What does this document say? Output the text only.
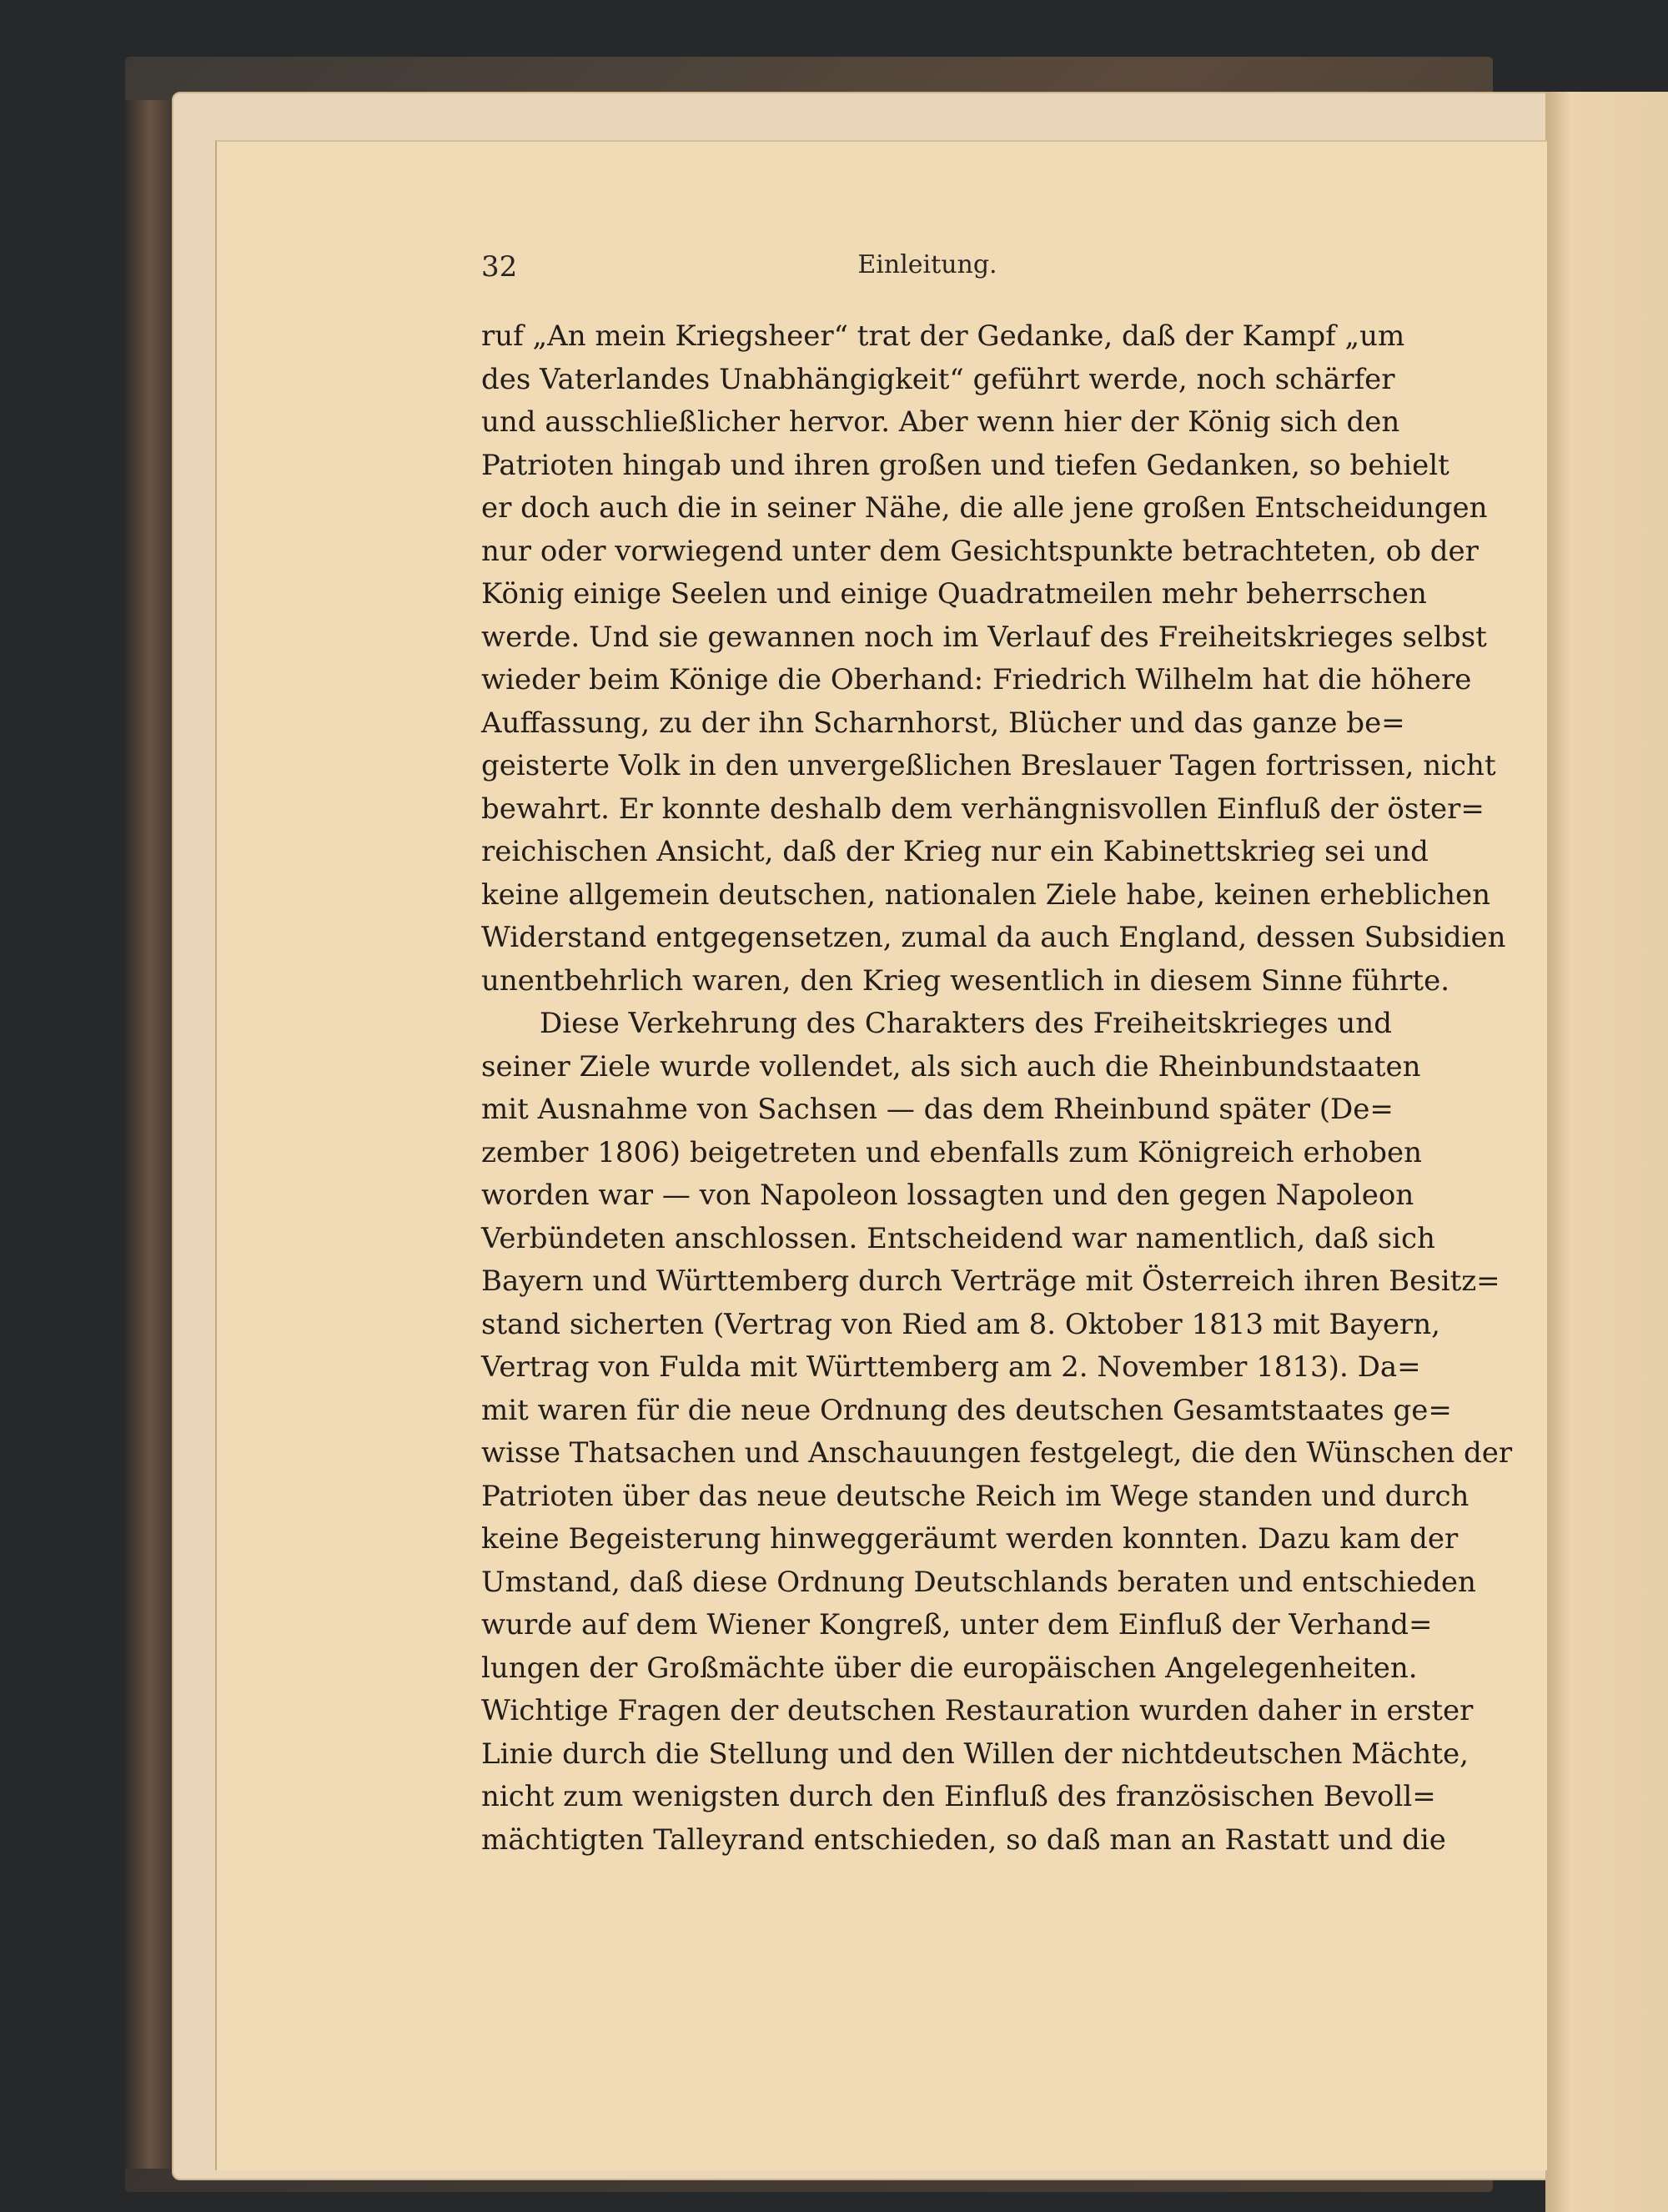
32	Einleitung.
ruf „An mein Kriegsheer“ trat der Gedanke, daß der Kampf „um
des Vaterlandes Unabhängigkeit“ geführt werde, noch schärfer
und ausschließlicher hervor. Aber wenn hier der König sich den
Patrioten hingab und ihren großen und tiefen Gedanken, so behielt
er doch auch die in seiner Nähe, die alle jene großen Entscheidungen
nur oder vorwiegend unter dem Gesichtspunkte betrachteten, ob der
König einige Seelen und einige Quadratmeilen mehr beherrschen
werde. Und sie gewannen noch im Verlauf des Freiheitskrieges selbst
wieder beim Könige die Oberhand: Friedrich Wilhelm hat die höhere
Auffassung, zu der ihn Scharnhorst, Blücher und das ganze be=
geisterte Volk in den unvergeßlichen Breslauer Tagen fortrissen, nicht
bewahrt. Er konnte deshalb dem verhängnisvollen Einfluß der öster=
reichischen Ansicht, daß der Krieg nur ein Kabinettskrieg sei und
keine allgemein deutschen, nationalen Ziele habe, keinen erheblichen
Widerstand entgegensetzen, zumal da auch England, dessen Subsidien
unentbehrlich waren, den Krieg wesentlich in diesem Sinne führte.
Diese Verkehrung des Charakters des Freiheitskrieges und
seiner Ziele wurde vollendet, als sich auch die Rheinbundstaaten
mit Ausnahme von Sachsen — das dem Rheinbund später (De=
zember 1806) beigetreten und ebenfalls zum Königreich erhoben
worden war — von Napoleon lossagten und den gegen Napoleon
Verbündeten anschlossen. Entscheidend war namentlich, daß sich
Bayern und Württemberg durch Verträge mit Österreich ihren Besitz=
stand sicherten (Vertrag von Ried am 8. Oktober 1813 mit Bayern,
Vertrag von Fulda mit Württemberg am 2. November 1813). Da=
mit waren für die neue Ordnung des deutschen Gesamtstaates ge=
wisse Thatsachen und Anschauungen festgelegt, die den Wünschen der
Patrioten über das neue deutsche Reich im Wege standen und durch
keine Begeisterung hinweggeräumt werden konnten. Dazu kam der
Umstand, daß diese Ordnung Deutschlands beraten und entschieden
wurde auf dem Wiener Kongreß, unter dem Einfluß der Verhand=
lungen der Großmächte über die europäischen Angelegenheiten.
Wichtige Fragen der deutschen Restauration wurden daher in erster
Linie durch die Stellung und den Willen der nichtdeutschen Mächte,
nicht zum wenigsten durch den Einfluß des französischen Bevoll=
mächtigten Talleyrand entschieden, so daß man an Rastatt und die
